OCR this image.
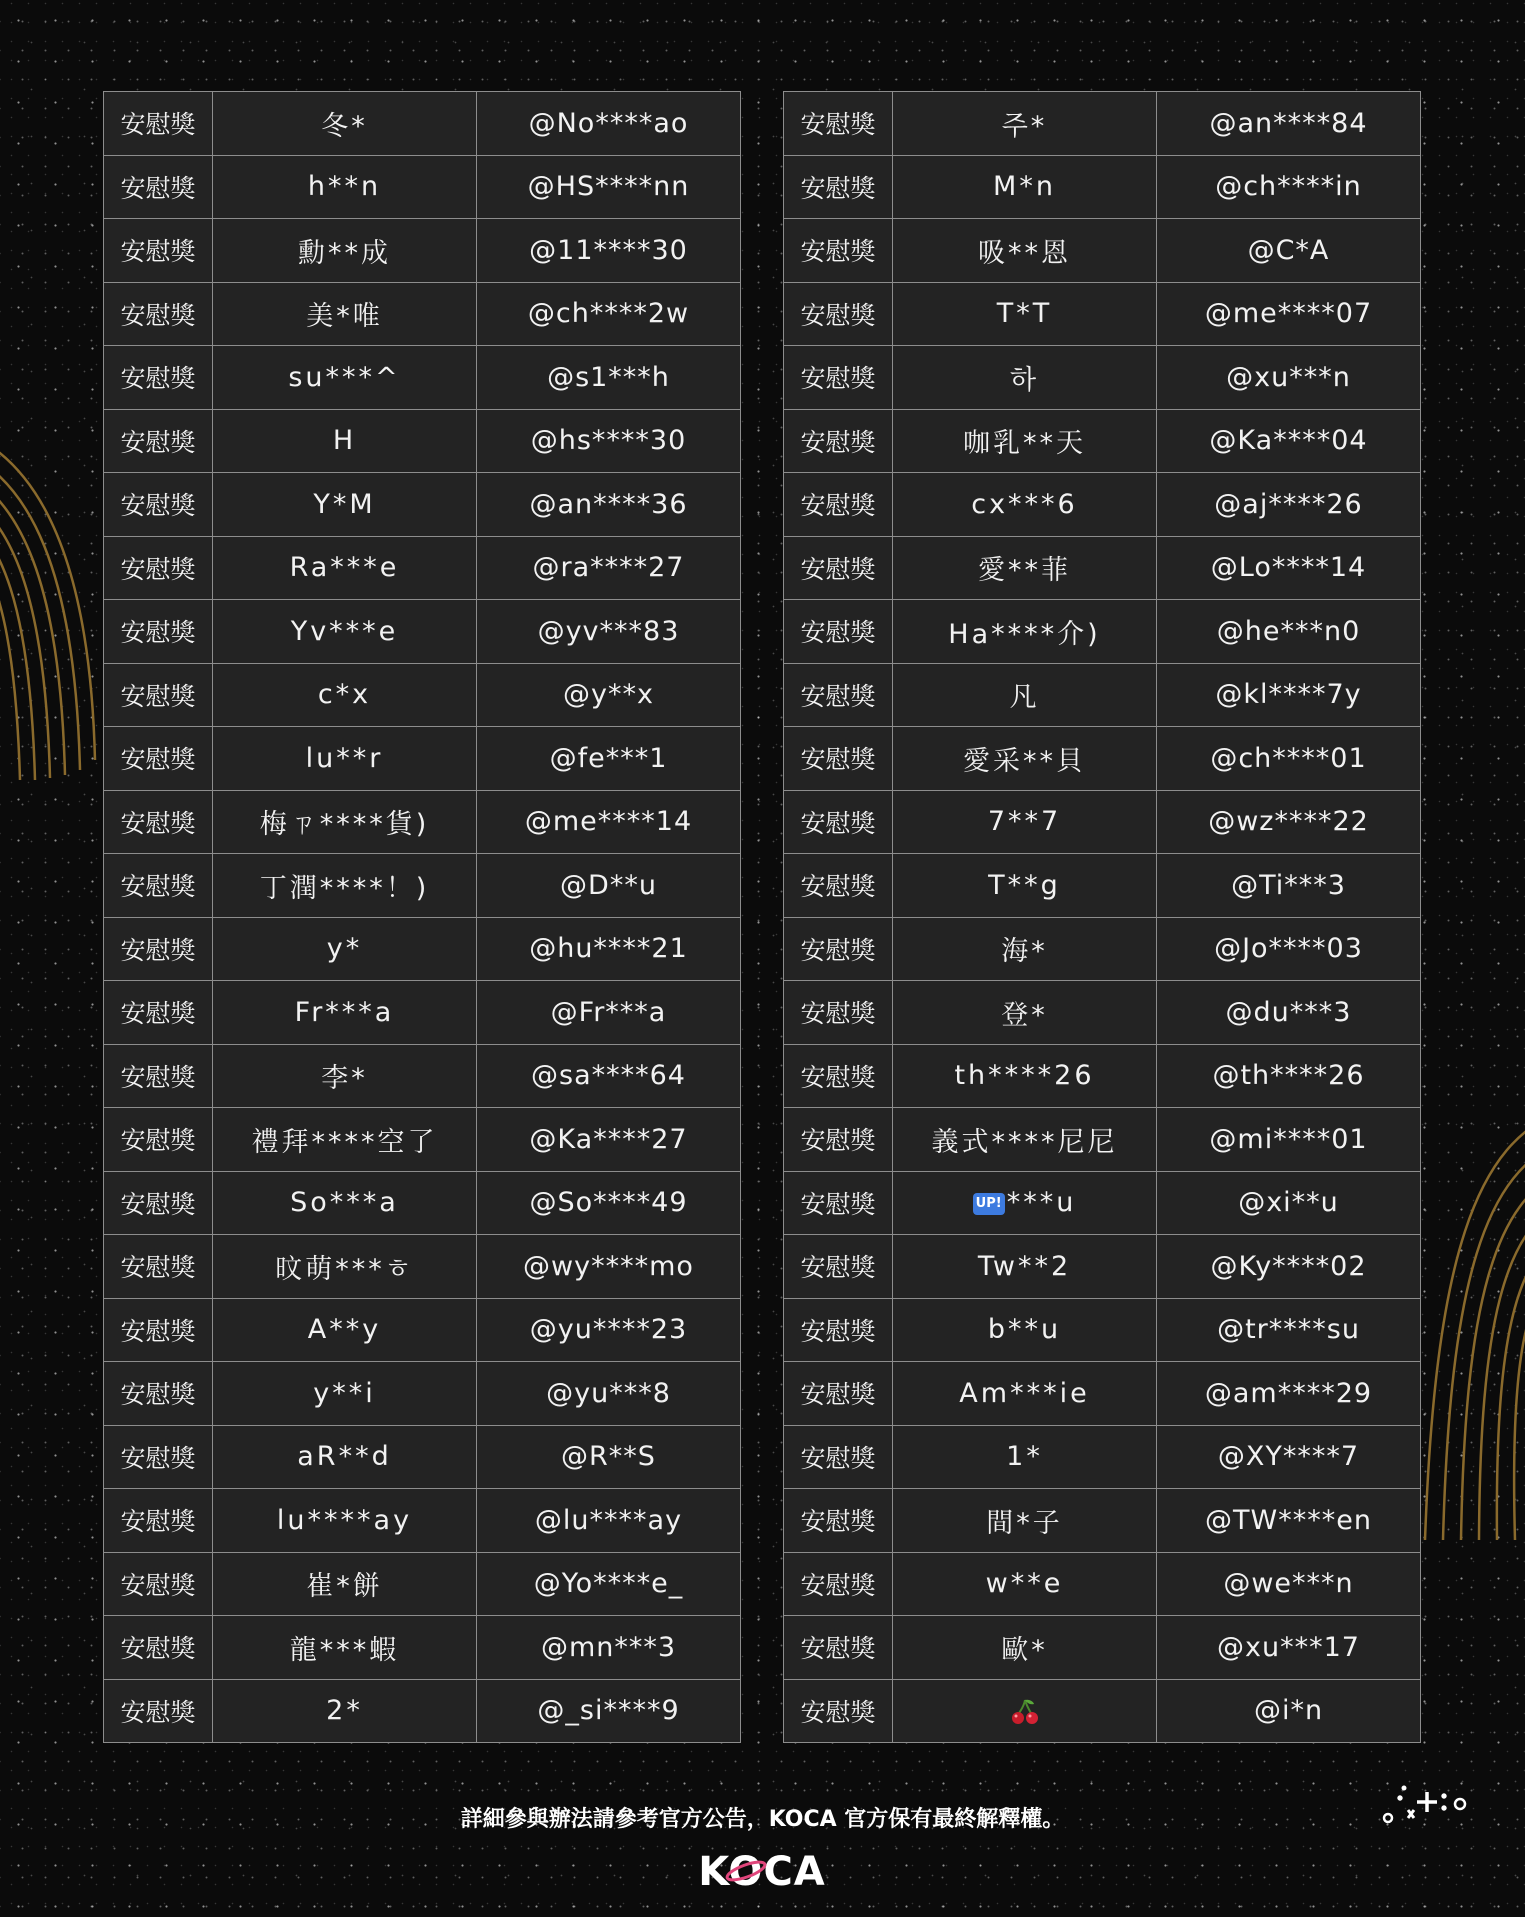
安慰獎	冬*	@No****ao
安慰獎	h**n	@HS****nn
安慰獎	勳**成	@11****30
安慰獎	美*唯	@ch****2w
安慰獎	su***^	@s1***h
安慰獎	H	@hs****30
安慰獎	Y*M	@an****36
安慰獎	Ra***e	@ra****27
安慰獎	Yv***e	@yv***83
安慰獎	c*x	@y**x
安慰獎	lu**r	@fe***1
安慰獎	梅ㄗ****貨)	@me****14
安慰獎	丁潤****！)	@D**u
安慰獎	y*	@hu****21
安慰獎	Fr***a	@Fr***a
安慰獎	李*	@sa****64
安慰獎	禮拜****空了	@Ka****27
安慰獎	So***a	@So****49
安慰獎	旼萌***ㅎ	@wy****mo
安慰獎	A**y	@yu****23
安慰獎	y**i	@yu***8
安慰獎	aR**d	@R**S
安慰獎	lu****ay	@lu****ay
安慰獎	崔*餅	@Yo****e_
安慰獎	龍***蝦	@mn***3
安慰獎	2*	@_si****9
安慰獎	주*	@an****84
安慰獎	M*n	@ch****in
安慰獎	吸**恩	@C*A
安慰獎	T*T	@me****07
安慰獎	하	@xu***n
安慰獎	咖乳**天	@Ka****04
安慰獎	cx***6	@aj****26
安慰獎	愛**菲	@Lo****14
安慰獎	Ha****介)	@he***n0
安慰獎	凡	@kl****7y
安慰獎	愛采**貝	@ch****01
安慰獎	7**7	@wz****22
安慰獎	T**g	@Ti***3
安慰獎	海*	@Jo****03
安慰獎	登*	@du***3
安慰獎	th****26	@th****26
安慰獎	義式****尼尼	@mi****01
安慰獎	UP! ***u	@xi**u
安慰獎	Tw**2	@Ky****02
安慰獎	b**u	@tr****su
安慰獎	Am***ie	@am****29
安慰獎	1*	@XY****7
安慰獎	間*子	@TW****en
安慰獎	w**e	@we***n
安慰獎	歐*	@xu***17
安慰獎		@i*n
詳細參與辦法請參考官方公告，KOCA 官方保有最終解釋權。
KOCA
